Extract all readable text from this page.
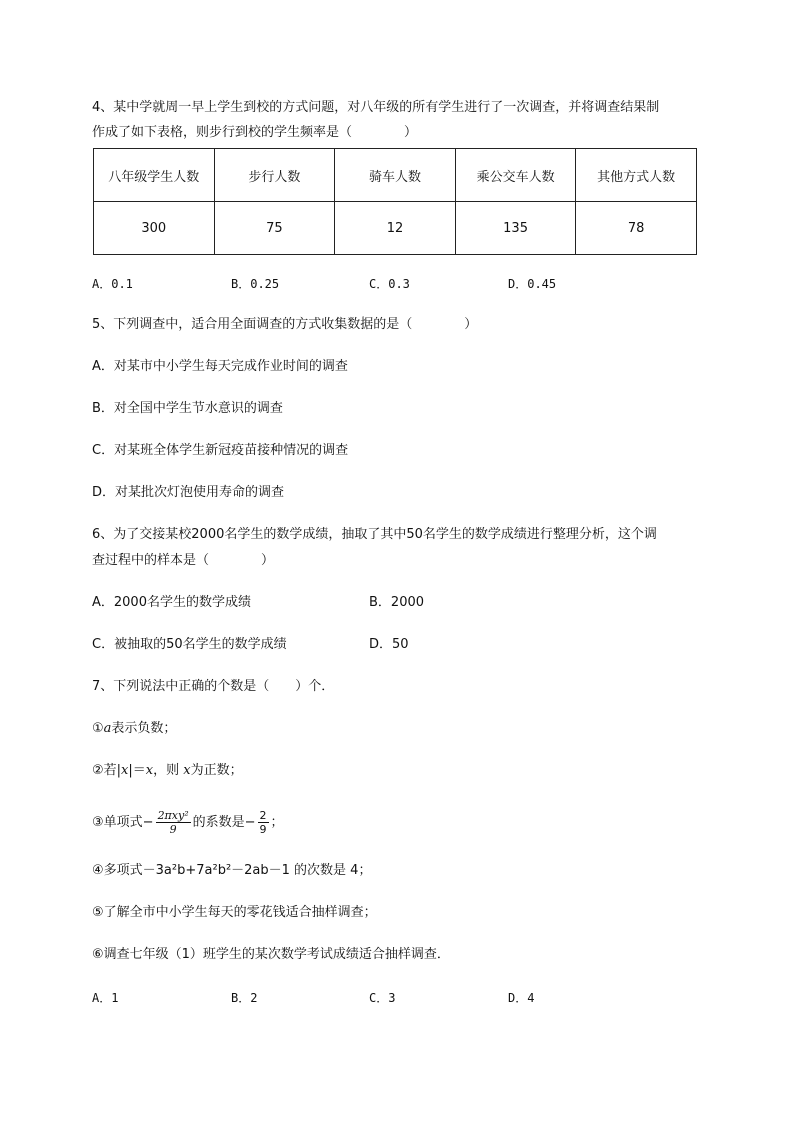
4、某中学就周一早上学生到校的方式问题，对八年级的所有学生进行了一次调查，并将调查结果制
作成了如下表格，则步行到校的学生频率是（　　　　）
八年级学生人数	步行人数	骑车人数	乘公交车人数	其他方式人数
300	75	12	135	78
A．0.1	B．0.25	C．0.3	D．0.45
5、下列调查中，适合用全面调查的方式收集数据的是（　　　　）
A．对某市中小学生每天完成作业时间的调查
B．对全国中学生节水意识的调查
C．对某班全体学生新冠疫苗接种情况的调查
D．对某批次灯泡使用寿命的调查
6、为了交接某校2000名学生的数学成绩，抽取了其中50名学生的数学成绩进行整理分析，这个调
查过程中的样本是（　　　　）
A．2000名学生的数学成绩	B．2000
C．被抽取的50名学生的数学成绩	D．50
7、下列说法中正确的个数是（　　）个．
①a表示负数；
②若|x|＝x，则 x为正数；
③单项式− $\frac{\text{2πxy²}}{9}$ 的系数是− $\frac{2}{9}$ ；
④多项式－3a²b+7a²b²－2ab－1 的次数是 4；
⑤了解全市中小学生每天的零花钱适合抽样调查；
⑥调查七年级（1）班学生的某次数学考试成绩适合抽样调查．
A．1	B．2	C．3	D．4
